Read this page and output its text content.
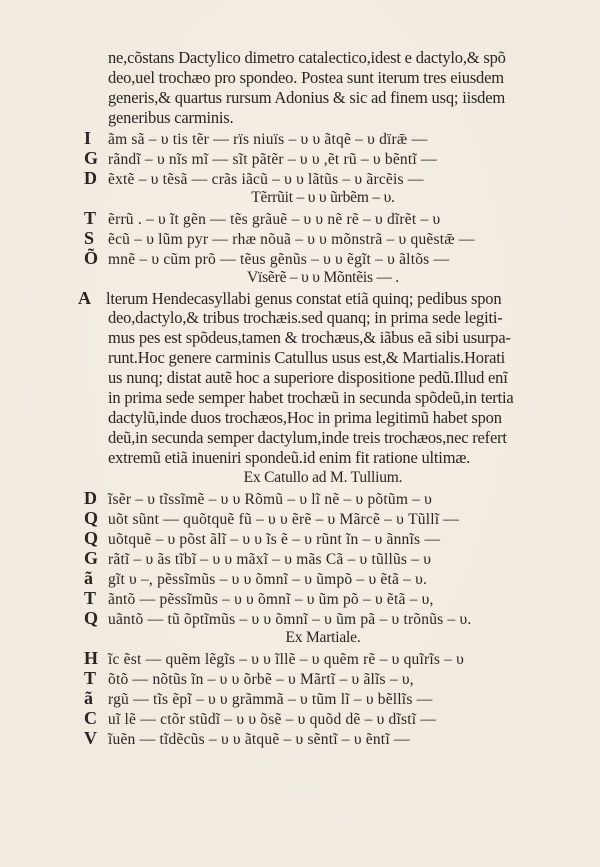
ne,cõstans Dactylico dimetro catalectico,idest e dactylo,& spõ
deo,uel trochæo pro spondeo. Postea sunt iterum tres eiusdem
generis,& quartus rursum Adonius & sic ad finem usq; iisdem
generibus carminis.
I	ãm sã – υ tis tẽr –– rïs niuïs – υ υ ãtqẽ – υ dïrǣ ––
G rãndĩ – υ nĩs mĩ –– sĩt pãtẽr – υ υ ,ẽt rũ – υ bẽntĩ ––
D ẽxtẽ – υ tẽsã –– crãs iãcũ – υ υ lãtũs – υ ãrcẽis ––
Tẽrrũit – υ υ ũrbẽm – υ.
T ẽrrũ . – υ ĩt gẽn –– tẽs grãuẽ – υ υ nẽ rẽ – υ dĩrẽt – υ
S ẽcũ – υ lũm pyr –– rhæ nõuã – υ υ mõnstrã – υ quẽstǣ ––
Õ mnẽ – υ cũm prõ –– tẽus gẽnũs – υ υ ẽgĩt – υ ãltõs ––
Vïsẽrẽ – υ υ Mõntẽis –– .
A lterum Hendecasyllabi genus constat etiã quinq; pedibus spon
deo,dactylo,& tribus trochæis.sed quanq; in prima sede legiti-
mus pes est spõdeus,tamen & trochæus,& iãbus eã sibi usurpa-
runt.Hoc genere carminis Catullus usus est,& Martialis.Horati
us nunq; distat autẽ hoc a superiore dispositione pedũ.Illud enĩ
in prima sede semper habet trochæũ in secunda spõdeũ,in tertia
dactylũ,inde duos trochæos,Hoc in prima legitimũ habet spon
deũ,in secunda semper dactylum,inde treis trochæos,nec refert
extremũ etiã inueniri spondeũ.id enim fit ratione ultimæ.
Ex Catullo ad M. Tullium.
D ĩsẽr – υ tĩssĩmẽ – υ υ Rõmũ – υ lĩ nẽ – υ põtũm – υ
Q uõt sũnt –– quõtquẽ fũ – υ υ ẽrẽ – υ Mãrcẽ – υ Tũllĩ ––
Q uõtquẽ – υ põst ãlĩ – υ υ ĩs ẽ – υ rũnt ĩn – υ ãnnĩs ––
G rãtĩ – υ ãs tĩbĩ – υ υ mãxĩ – υ mãs Cã – υ tũllũs – υ
ã gĩt υ –, pẽssĩmũs – υ υ õmnĩ – υ ũmpõ – υ ẽtã – υ.
T ãntõ –– pẽssĩmũs – υ υ õmnĩ – υ ũm põ – υ ẽtã – υ,
Q uãntõ –– tũ õptĩmũs – υ υ õmnĩ – υ ũm pã – υ trõnũs – υ.
Ex Martiale.
H ĩc ẽst –– quẽm lẽgĩs – υ υ ĩllẽ – υ quẽm rẽ – υ quĩrĩs – υ
T õtõ –– nõtũs ĩn – υ υ õrbẽ – υ Mãrtĩ – υ ãlĩs – υ,
ã rgũ –– tĩs ẽpĩ – υ υ grãmmã – υ tũm lĩ – υ bẽllĩs ––
C uĩ lẽ –– ctõr stũdĩ – υ υ õsẽ – υ quõd dẽ – υ dĩstĩ ––
V ĩuẽn –– tĩdẽcũs – υ υ ãtquẽ – υ sẽntĩ – υ ẽntĩ ––
